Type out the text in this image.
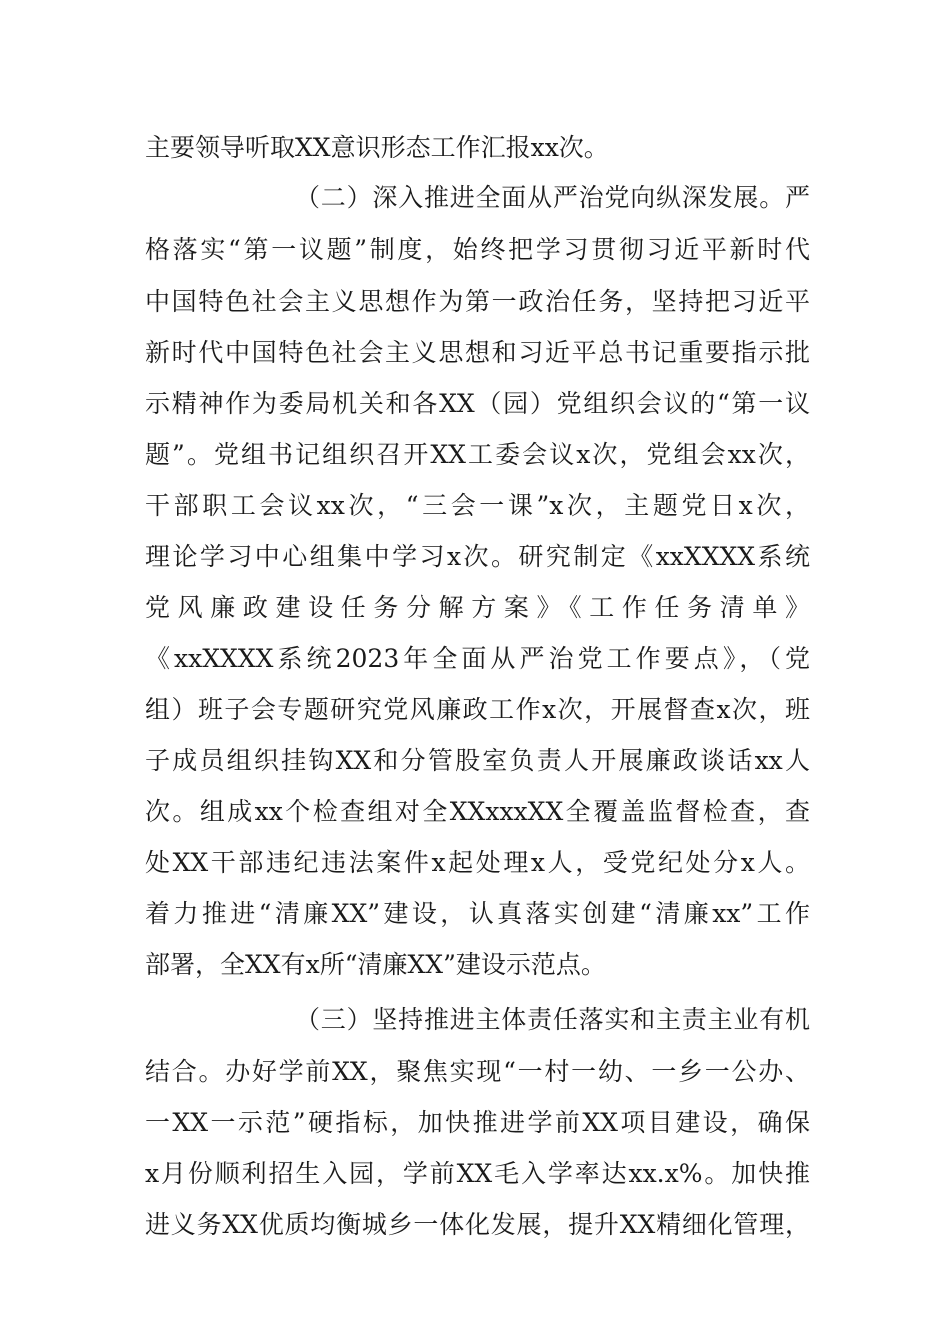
主要领导听取XX意识形态工作汇报xx次。
（二）深入推进全面从严治党向纵深发展。严
格落实“第一议题”制度，始终把学习贯彻习近平新时代
中国特色社会主义思想作为第一政治任务，坚持把习近平
新时代中国特色社会主义思想和习近平总书记重要指示批
示精神作为委局机关和各XX（园）党组织会议的“第一议
题”。党组书记组织召开XX工委会议x次，党组会xx次，
干部职工会议xx次，“三会一课”x次，主题党日x次，
理论学习中心组集中学习x次。研究制定《xxXXXX系统
党风廉政建设任务分解方案》《工作任务清单》
《xxXXXX系统2023年全面从严治党工作要点》，（党
组）班子会专题研究党风廉政工作x次，开展督查x次，班
子成员组织挂钩XX和分管股室负责人开展廉政谈话xx人
次。组成xx个检查组对全XXxxxXX全覆盖监督检查，查
处XX干部违纪违法案件x起处理x人，受党纪处分x人。
着力推进“清廉XX”建设，认真落实创建“清廉xx”工作
部署，全XX有x所“清廉XX”建设示范点。
（三）坚持推进主体责任落实和主责主业有机
结合。办好学前XX，聚焦实现“一村一幼、一乡一公办、
一XX一示范”硬指标，加快推进学前XX项目建设，确保
x月份顺利招生入园，学前XX毛入学率达xx.x%。加快推
进义务XX优质均衡城乡一体化发展，提升XX精细化管理，
